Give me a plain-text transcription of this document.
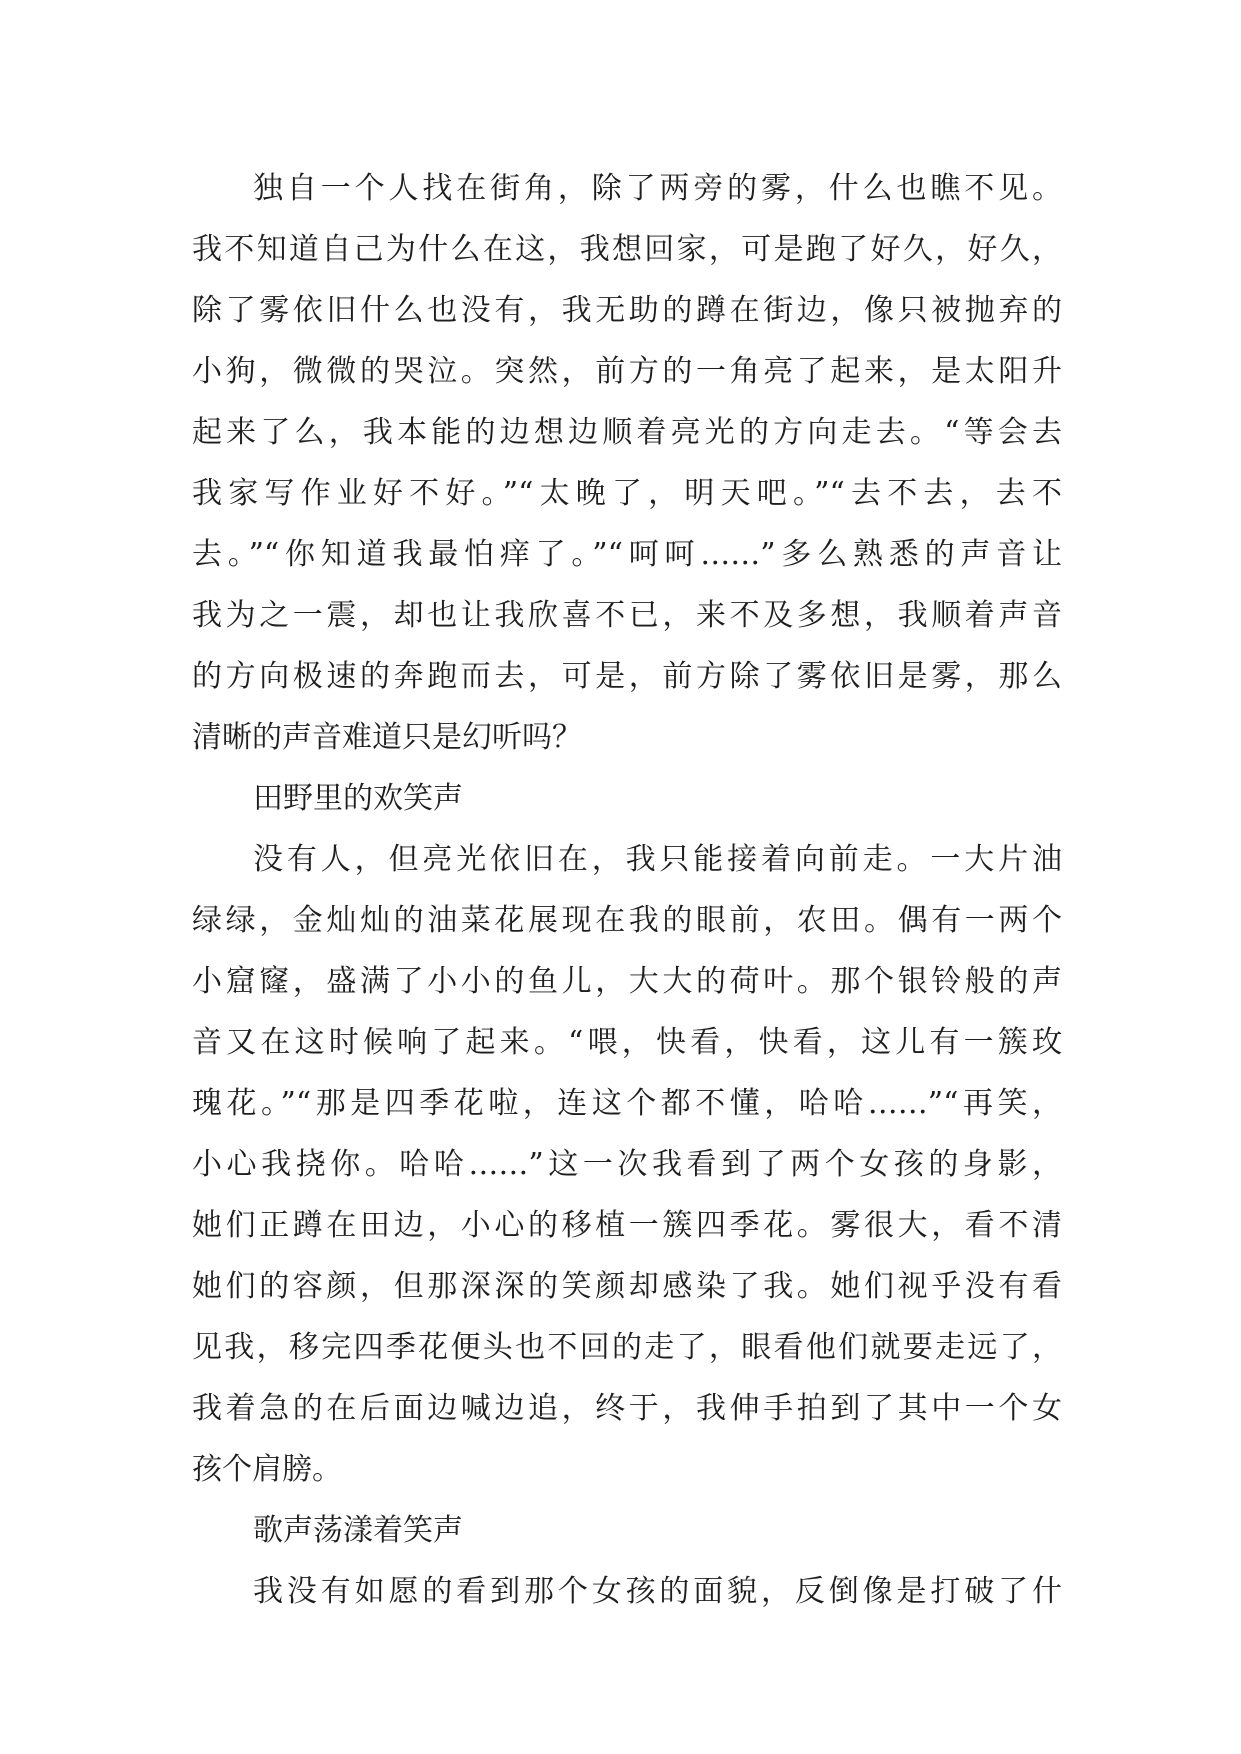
独自一个人找在街角，除了两旁的雾，什么也瞧不见。
我不知道自己为什么在这，我想回家，可是跑了好久，好久，
除了雾依旧什么也没有，我无助的蹲在街边，像只被抛弃的
小狗，微微的哭泣。突然，前方的一角亮了起来，是太阳升
起来了么，我本能的边想边顺着亮光的方向走去。“等会去
我家写作业好不好。”“太晚了，明天吧。”“去不去，去不
去。”“你知道我最怕痒了。”“呵呵……”多么熟悉的声音让
我为之一震，却也让我欣喜不已，来不及多想，我顺着声音
的方向极速的奔跑而去，可是，前方除了雾依旧是雾，那么
清晰的声音难道只是幻听吗？
田野里的欢笑声
没有人，但亮光依旧在，我只能接着向前走。一大片油
绿绿，金灿灿的油菜花展现在我的眼前，农田。偶有一两个
小窟窿，盛满了小小的鱼儿，大大的荷叶。那个银铃般的声
音又在这时候响了起来。“喂，快看，快看，这儿有一簇玫
瑰花。”“那是四季花啦，连这个都不懂，哈哈……”“再笑，
小心我挠你。哈哈……”这一次我看到了两个女孩的身影，
她们正蹲在田边，小心的移植一簇四季花。雾很大，看不清
她们的容颜，但那深深的笑颜却感染了我。她们视乎没有看
见我，移完四季花便头也不回的走了，眼看他们就要走远了，
我着急的在后面边喊边追，终于，我伸手拍到了其中一个女
孩个肩膀。
歌声荡漾着笑声
我没有如愿的看到那个女孩的面貌，反倒像是打破了什
